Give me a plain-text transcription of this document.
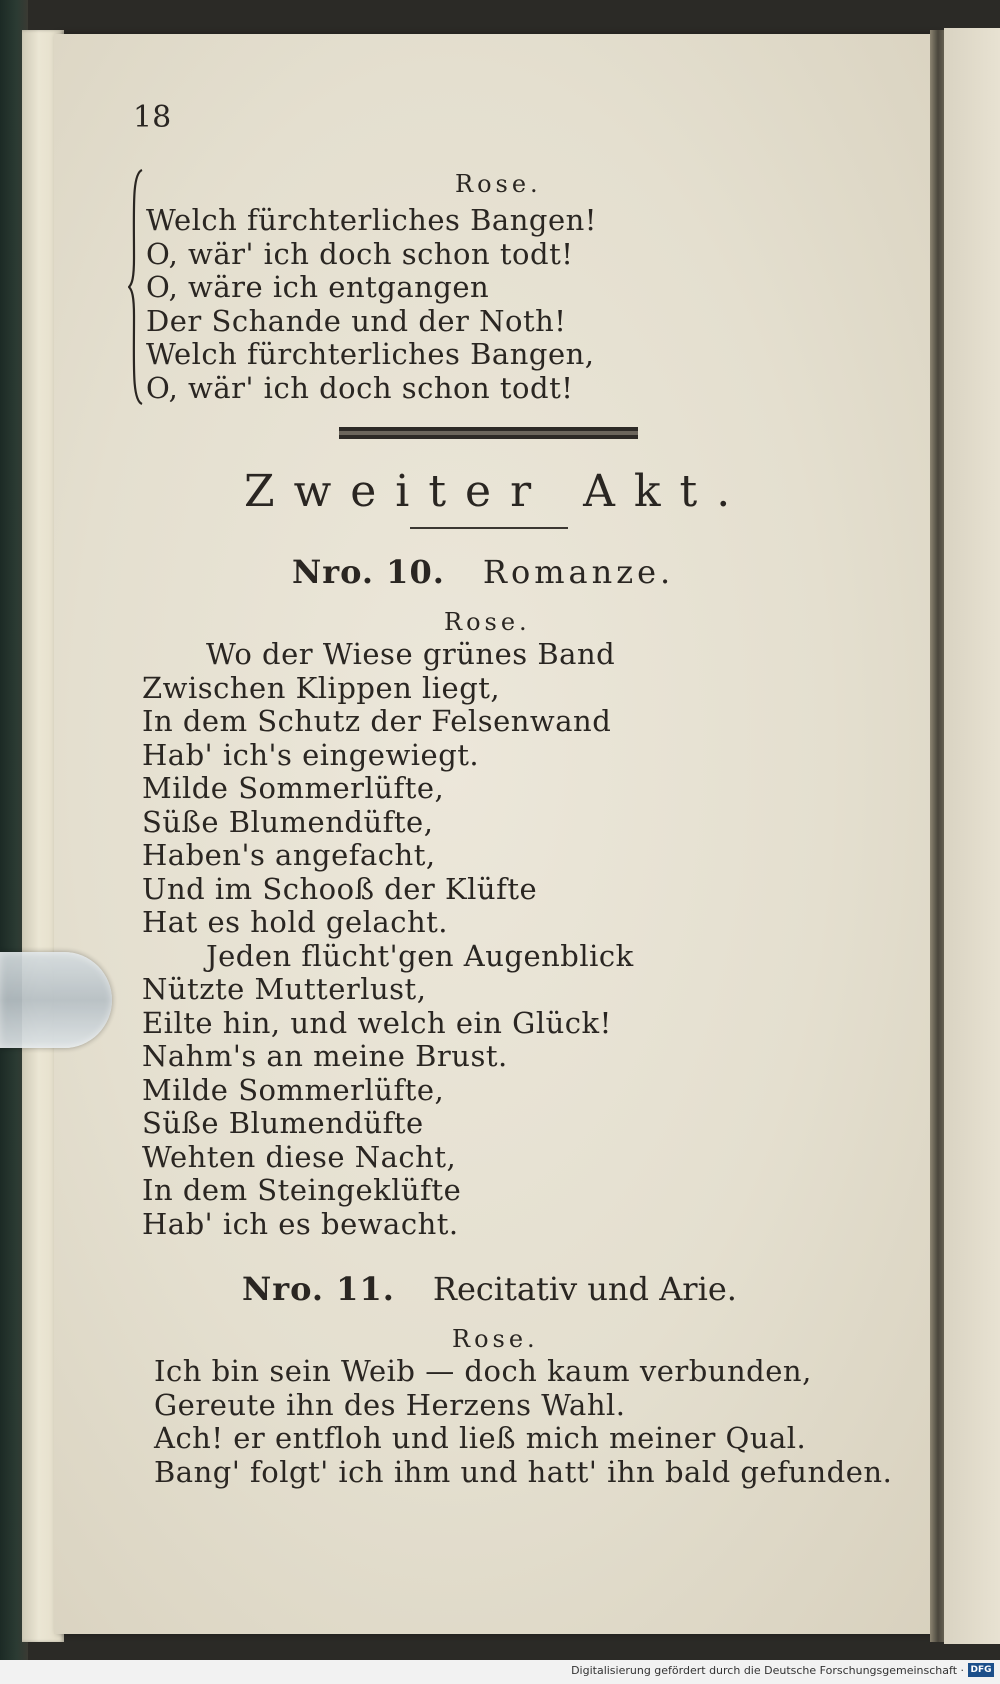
18
Rose.
Welch fürchterliches Bangen!
O, wär' ich doch schon todt!
O, wäre ich entgangen
Der Schande und der Noth!
Welch fürchterliches Bangen,
O, wär' ich doch schon todt!
Zweiter Akt.
Nro. 10. Romanze.
Rose.
Wo der Wiese grünes Band
Zwischen Klippen liegt,
In dem Schutz der Felsenwand
Hab' ich's eingewiegt.
Milde Sommerlüfte,
Süße Blumendüfte,
Haben's angefacht,
Und im Schooß der Klüfte
Hat es hold gelacht.
Jeden flücht'gen Augenblick
Nützte Mutterlust,
Eilte hin, und welch ein Glück!
Nahm's an meine Brust.
Milde Sommerlüfte,
Süße Blumendüfte
Wehten diese Nacht,
In dem Steingeklüfte
Hab' ich es bewacht.
Nro. 11. Recitativ und Arie.
Rose.
Ich bin sein Weib — doch kaum verbunden,
Gereute ihn des Herzens Wahl.
Ach! er entfloh und ließ mich meiner Qual.
Bang' folgt' ich ihm und hatt' ihn bald gefunden.
Digitalisierung gefördert durch die Deutsche Forschungsgemeinschaft · DFG
